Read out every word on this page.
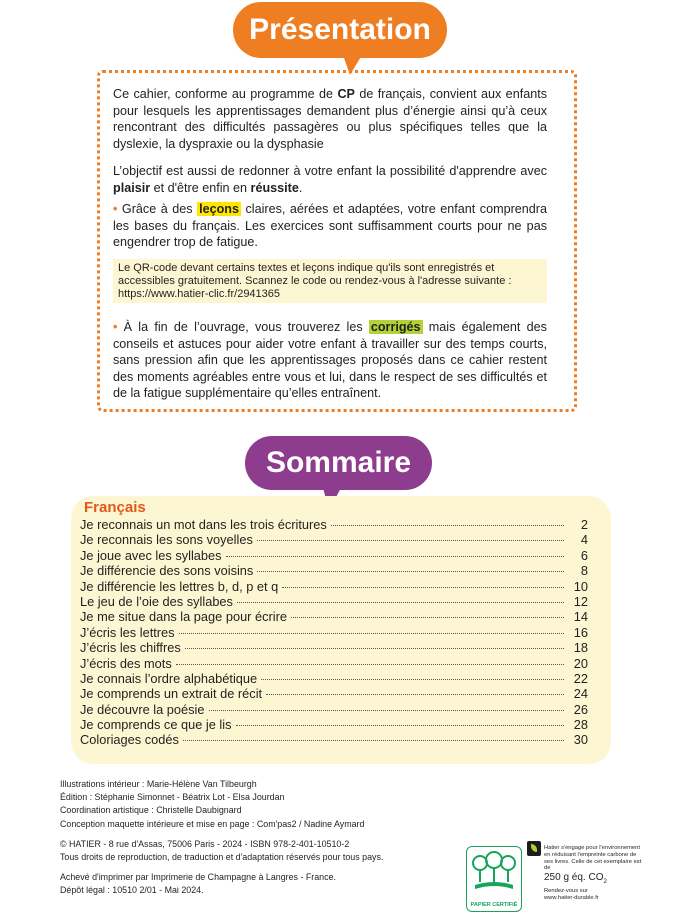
Présentation

Ce cahier, conforme au programme de CP de français, convient aux enfants pour lesquels les apprentissages demandent plus d’énergie ainsi qu’à ceux rencontrant des difficultés passagères ou plus spécifiques telles que la dyslexie, la dyspraxie ou la dysphasie

L’objectif est aussi de redonner à votre enfant la possibilité d'apprendre avec plaisir et d'être enfin en réussite.

• Grâce à des leçons claires, aérées et adaptées, votre enfant comprendra les bases du français. Les exercices sont suffisamment courts pour ne pas engendrer trop de fatigue.

Le QR-code devant certains textes et leçons indique qu'ils sont enregistrés et accessibles gratuitement. Scannez le code ou rendez-vous à l'adresse suivante :
https://www.hatier-clic.fr/2941365

• À la fin de l’ouvrage, vous trouverez les corrigés mais également des conseils et astuces pour aider votre enfant à travailler sur des temps courts, sans pression afin que les apprentissages proposés dans ce cahier restent des moments agréables entre vous et lui, dans le respect de ses difficultés et de la fatigue supplémentaire qu’elles entraînent.

Sommaire
Français
Je reconnais un mot dans les trois écritures	2
Je reconnais les sons voyelles	4
Je joue avec les syllabes	6
Je différencie des sons voisins	8
Je différencie les lettres b, d, p et q	10
Le jeu de l’oie des syllabes	12
Je me situe dans la page pour écrire	14
J’écris les lettres	16
J’écris les chiffres	18
J’écris des mots	20
Je connais l’ordre alphabétique	22
Je comprends un extrait de récit	24
Je découvre la poésie	26
Je comprends ce que je lis	28
Coloriages codés	30
Illustrations intérieur : Marie-Hélène Van Tilbeurgh
Édition : Stéphanie Simonnet - Béatrix Lot - Elsa Jourdan
Coordination artistique : Christelle Daubignard
Conception maquette intérieure et mise en page : Com'pas2 / Nadine Aymard
© HATIER - 8 rue d'Assas, 75006 Paris - 2024 - ISBN 978-2-401-10510-2
Tous droits de reproduction, de traduction et d'adaptation réservés pour tous pays.
Achevé d'imprimer par Imprimerie de Champagne à Langres - France.
Dépôt légal : 10510 2/01 - Mai 2024.
PAPIER CERTIFIÉ
Hatier s'engage pour l'environnement en réduisant l'empreinte carbone de ses livres. Celle de cet exemplaire est de
250 g éq. $CO_2$
Rendez-vous sur
www.hatier-durable.fr
